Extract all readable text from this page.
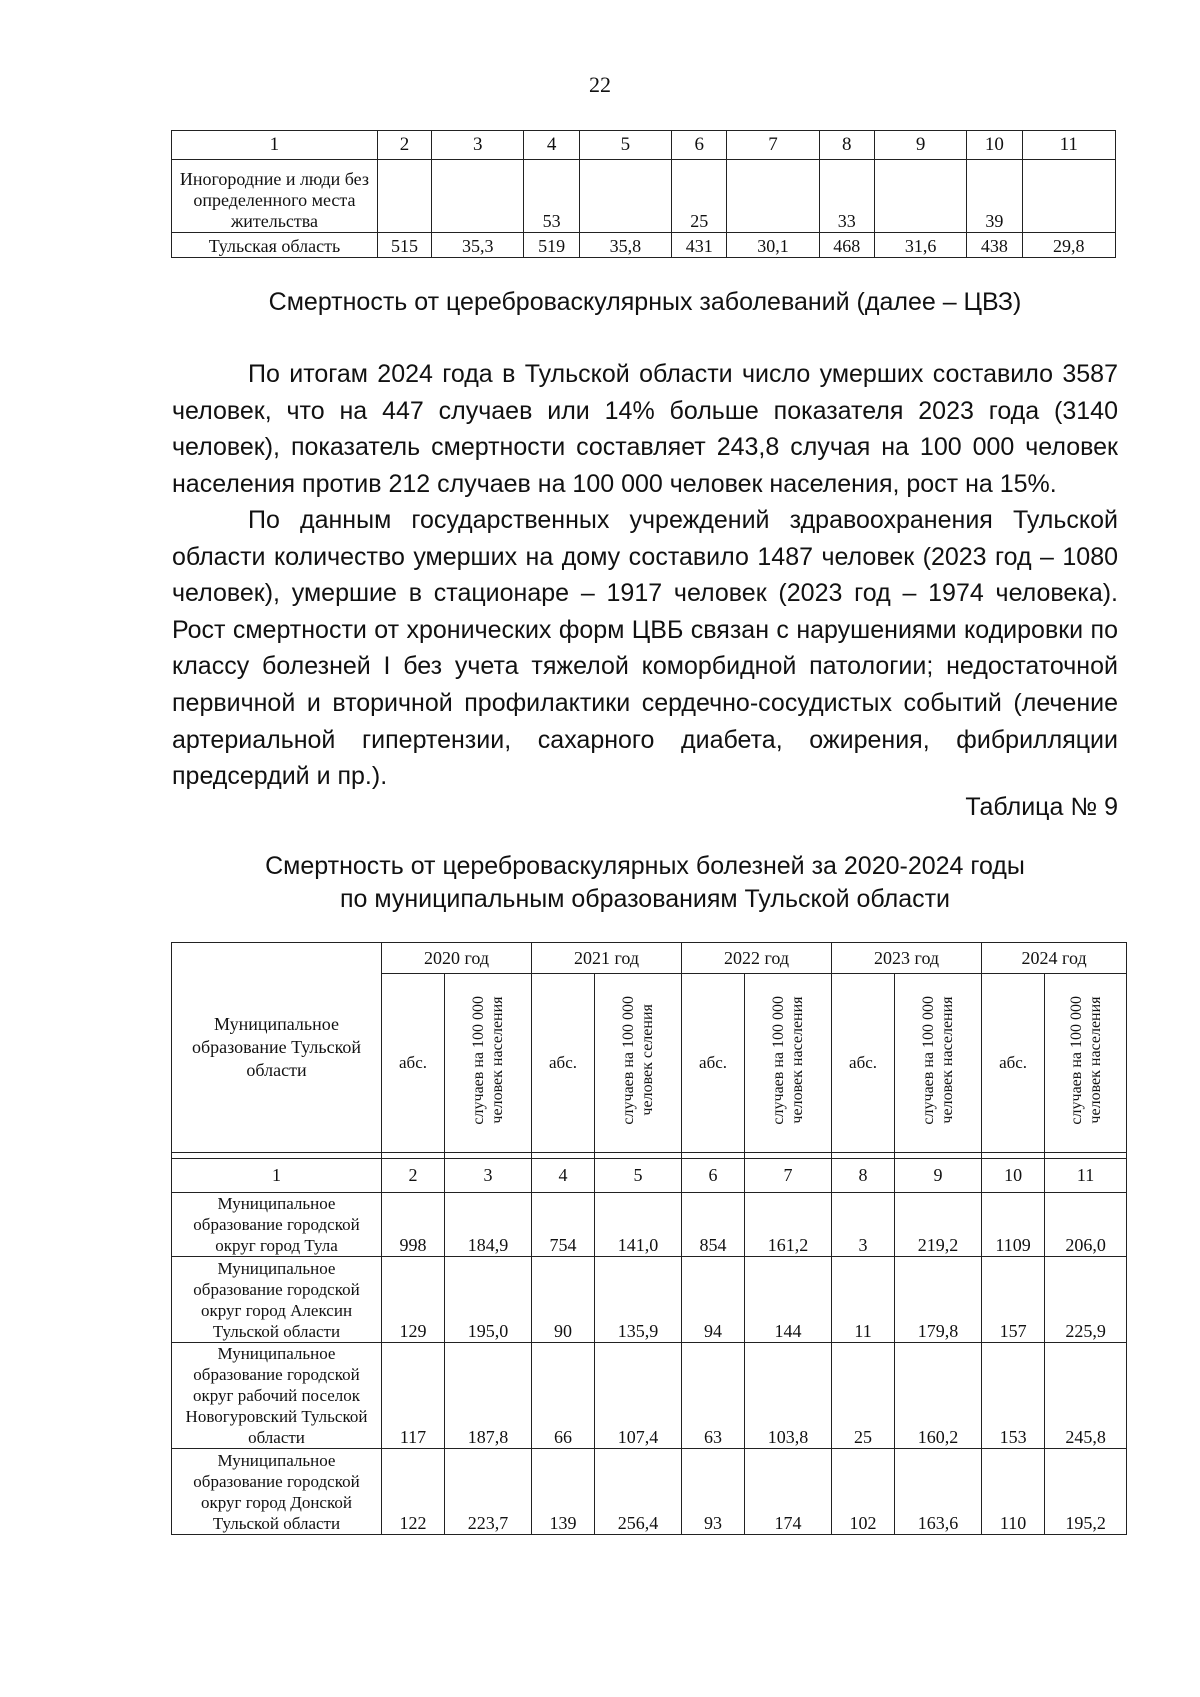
22
1	2	3	4	5	6	7	8	9	10	11
Иногородние и люди без определенного места жительства			53		25		33		39	
Тульская область	515	35,3	519	35,8	431	30,1	468	31,6	438	29,8
Смертность от цереброваскулярных заболеваний (далее – ЦВЗ)

По итогам 2024 года в Тульской области число умерших составило 3587 человек, что на 447 случаев или 14% больше показателя 2023 года (3140 человек), показатель смертности составляет 243,8 случая на 100 000 человек населения против 212 случаев на 100 000 человек населения, рост на 15%.

По данным государственных учреждений здравоохранения Тульской области количество умерших на дому составило 1487 человек (2023 год – 1080 человек), умершие в стационаре – 1917 человек (2023 год – 1974 человека). Рост смертности от хронических форм ЦВБ связан с нарушениями кодировки по классу болезней I без учета тяжелой коморбидной патологии; недостаточной первичной и вторичной профилактики сердечно-сосудистых событий (лечение артериальной гипертензии, сахарного диабета, ожирения, фибрилляции предсердий и пр.).

Таблица № 9
Смертность от цереброваскулярных болезней за 2020-2024 годы
по муниципальным образованиям Тульской области
Муниципальное образование Тульской области	2020 год		2021 год		2022 год		2023 год		2024 год	
	абс.	случаев на 100 000 человек населения	абс.	случаев на 100 000 человек селения	абс.	случаев на 100 000 человек населения	абс.	случаев на 100 000 человек населения	абс.	случаев на 100 000 человек населения

1	2	3	4	5	6	7	8	9	10	11
Муниципальное образование городской округ город Тула	998	184,9	754	141,0	854	161,2	3	219,2	1109	206,0
Муниципальное образование городской округ город Алексин Тульской области	129	195,0	90	135,9	94	144	11	179,8	157	225,9
Муниципальное образование городской округ рабочий поселок Новогуровский Тульской области	117	187,8	66	107,4	63	103,8	25	160,2	153	245,8
Муниципальное образование городской округ город Донской Тульской области	122	223,7	139	256,4	93	174	102	163,6	110	195,2
